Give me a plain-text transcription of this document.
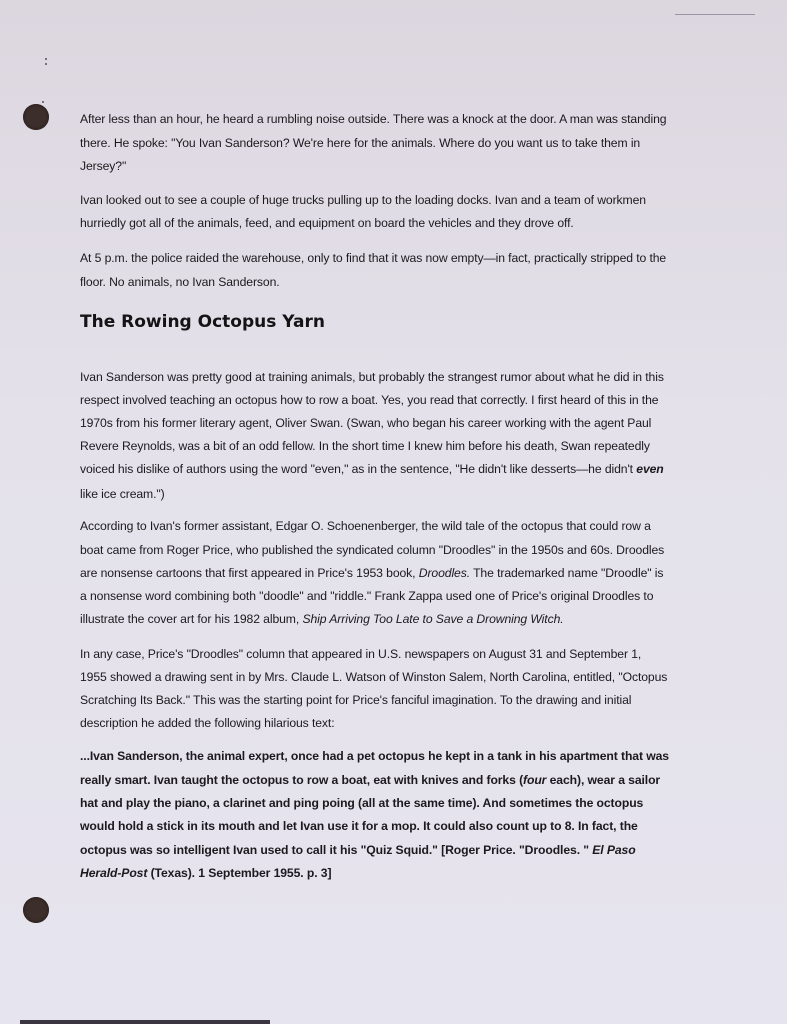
After less than an hour, he heard a rumbling noise outside. There was a knock at the door. A man was standing
there. He spoke: "You Ivan Sanderson? We're here for the animals. Where do you want us to take them in
Jersey?"
Ivan looked out to see a couple of huge trucks pulling up to the loading docks. Ivan and a team of workmen
hurriedly got all of the animals, feed, and equipment on board the vehicles and they drove off.
At 5 p.m. the police raided the warehouse, only to find that it was now empty—in fact, practically stripped to the
floor. No animals, no Ivan Sanderson.
The Rowing Octopus Yarn
Ivan Sanderson was pretty good at training animals, but probably the strangest rumor about what he did in this
respect involved teaching an octopus how to row a boat. Yes, you read that correctly. I first heard of this in the
1970s from his former literary agent, Oliver Swan. (Swan, who began his career working with the agent Paul
Revere Reynolds, was a bit of an odd fellow. In the short time I knew him before his death, Swan repeatedly
voiced his dislike of authors using the word "even," as in the sentence, "He didn't like desserts—he didn't even
like ice cream.")
According to Ivan's former assistant, Edgar O. Schoenenberger, the wild tale of the octopus that could row a
boat came from Roger Price, who published the syndicated column "Droodles" in the 1950s and 60s. Droodles
are nonsense cartoons that first appeared in Price's 1953 book, Droodles. The trademarked name "Droodle" is
a nonsense word combining both "doodle" and "riddle." Frank Zappa used one of Price's original Droodles to
illustrate the cover art for his 1982 album, Ship Arriving Too Late to Save a Drowning Witch.
In any case, Price's "Droodles" column that appeared in U.S. newspapers on August 31 and September 1,
1955 showed a drawing sent in by Mrs. Claude L. Watson of Winston Salem, North Carolina, entitled, "Octopus
Scratching Its Back." This was the starting point for Price's fanciful imagination. To the drawing and initial
description he added the following hilarious text:
...Ivan Sanderson, the animal expert, once had a pet octopus he kept in a tank in his apartment that was
really smart. Ivan taught the octopus to row a boat, eat with knives and forks (four each), wear a sailor
hat and play the piano, a clarinet and ping poing (all at the same time). And sometimes the octopus
would hold a stick in its mouth and let Ivan use it for a mop. It could also count up to 8. In fact, the
octopus was so intelligent Ivan used to call it his "Quiz Squid." [Roger Price. "Droodles. " El Paso
Herald-Post (Texas). 1 September 1955. p. 3]
